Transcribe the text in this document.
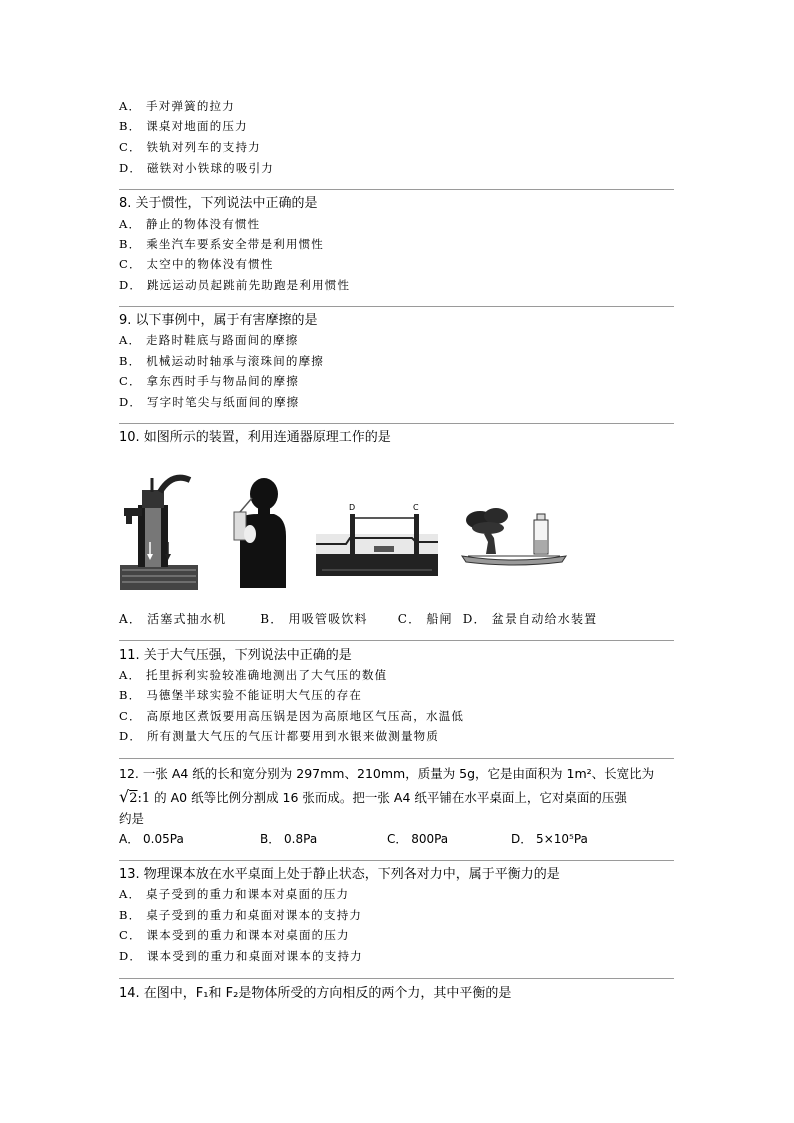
A． 手对弹簧的拉力
B． 课桌对地面的压力
C． 铁轨对列车的支持力
D． 磁铁对小铁球的吸引力
8. 关于惯性，下列说法中正确的是
A． 静止的物体没有惯性
B． 乘坐汽车要系安全带是利用惯性
C． 太空中的物体没有惯性
D． 跳远运动员起跳前先助跑是利用惯性
9. 以下事例中，属于有害摩擦的是
A． 走路时鞋底与路面间的摩擦
B． 机械运动时轴承与滚珠间的摩擦
C． 拿东西时手与物品间的摩擦
D． 写字时笔尖与纸面间的摩擦
10. 如图所示的装置，利用连通器原理工作的是
D	C
A． 活塞式抽水机	B． 用吸管吸饮料	C． 船闸 D． 盆景自动给水装置
11. 关于大气压强，下列说法中正确的是
A． 托里拆利实验较准确地测出了大气压的数值
B． 马德堡半球实验不能证明大气压的存在
C． 高原地区煮饭要用高压锅是因为高原地区气压高，水温低
D． 所有测量大气压的气压计都要用到水银来做测量物质
12. 一张 A4 纸的长和宽分别为 297mm、210mm，质量为 5g，它是由面积为 1m²、长宽比为
√2:1 的 A0 纸等比例分割成 16 张而成。把一张 A4 纸平铺在水平桌面上，它对桌面的压强
约是
A． 0.05Pa	B． 0.8Pa	C． 800Pa	D． 5×10⁵Pa
13. 物理课本放在水平桌面上处于静止状态，下列各对力中，属于平衡力的是
A． 桌子受到的重力和课本对桌面的压力
B． 桌子受到的重力和桌面对课本的支持力
C． 课本受到的重力和课本对桌面的压力
D． 课本受到的重力和桌面对课本的支持力
14. 在图中，F₁和 F₂是物体所受的方向相反的两个力，其中平衡的是
